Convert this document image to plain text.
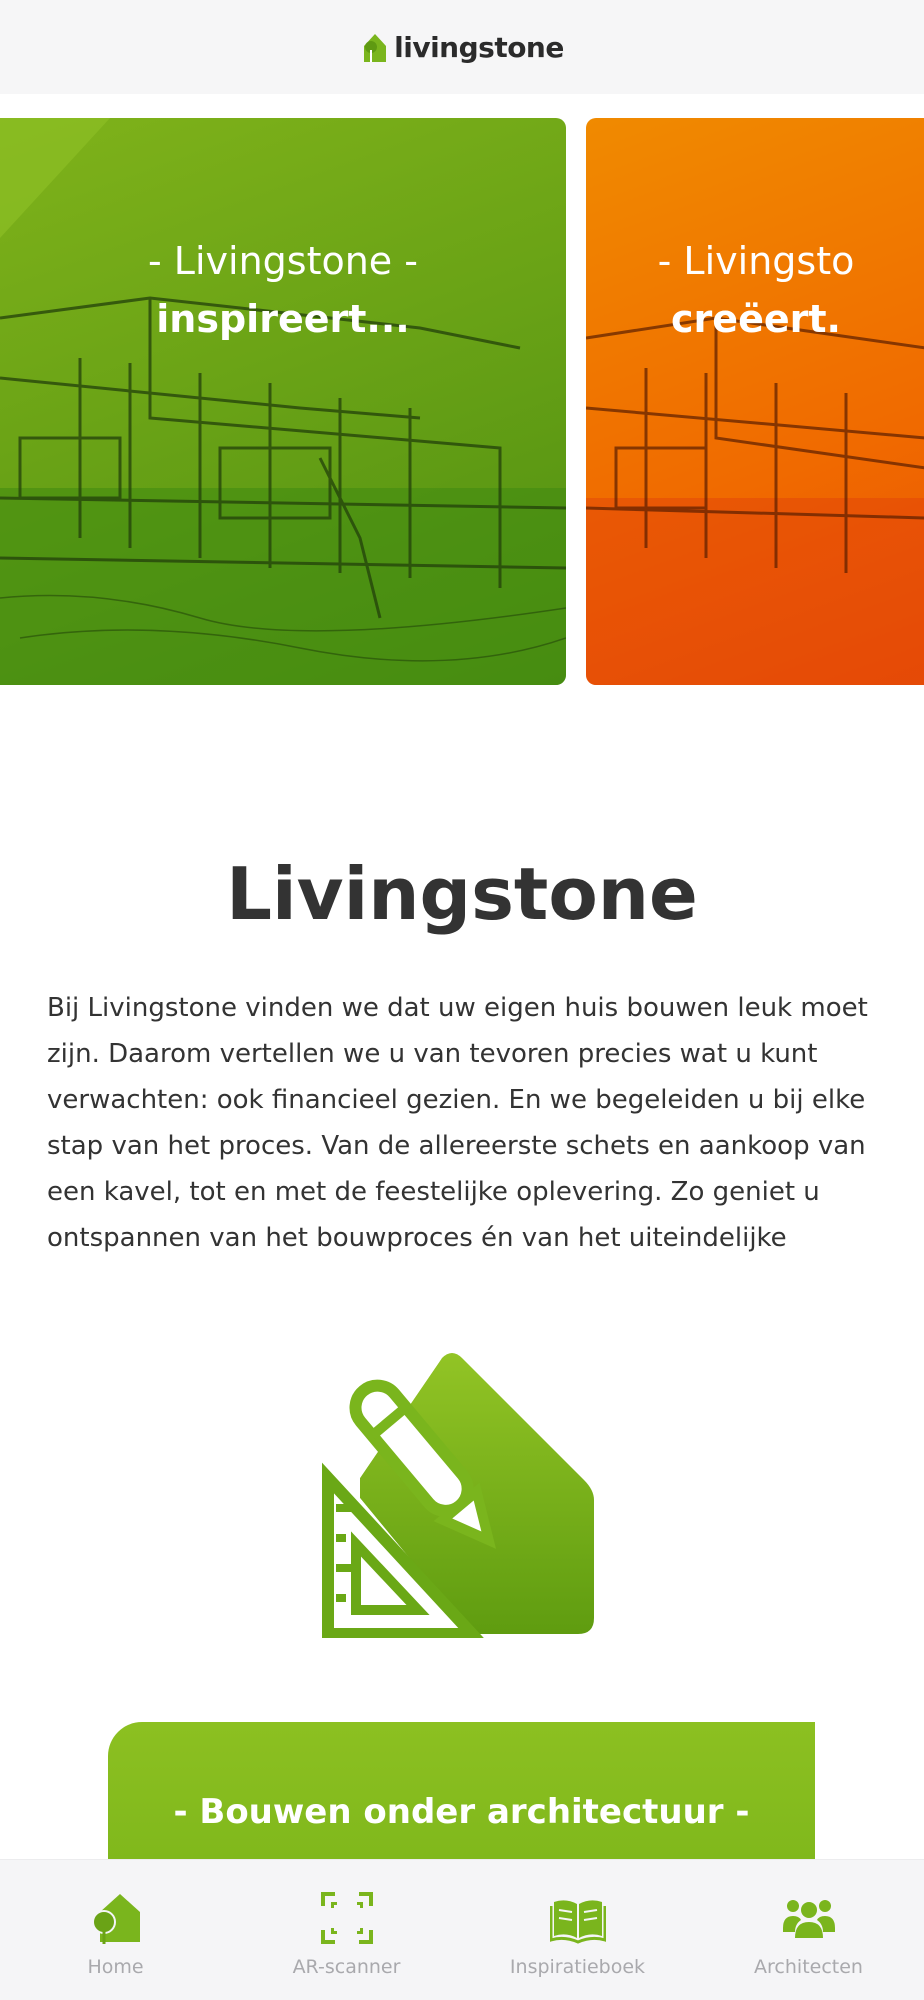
livingstone
- Livingstone -
inspireert...
- Livingsto
creëert.
Livingstone

Bij Livingstone vinden we dat uw eigen huis bouwen leuk moet zijn. Daarom vertellen we u van tevoren precies wat u kunt verwachten: ook financieel gezien. En we begeleiden u bij elke stap van het proces. Van de allereerste schets en aankoop van een kavel, tot en met de feestelijke oplevering. Zo geniet u ontspannen van het bouwproces én van het uiteindelijke

- Bouwen onder architectuur -
Home	AR-scanner	Inspiratieboek	Architecten
